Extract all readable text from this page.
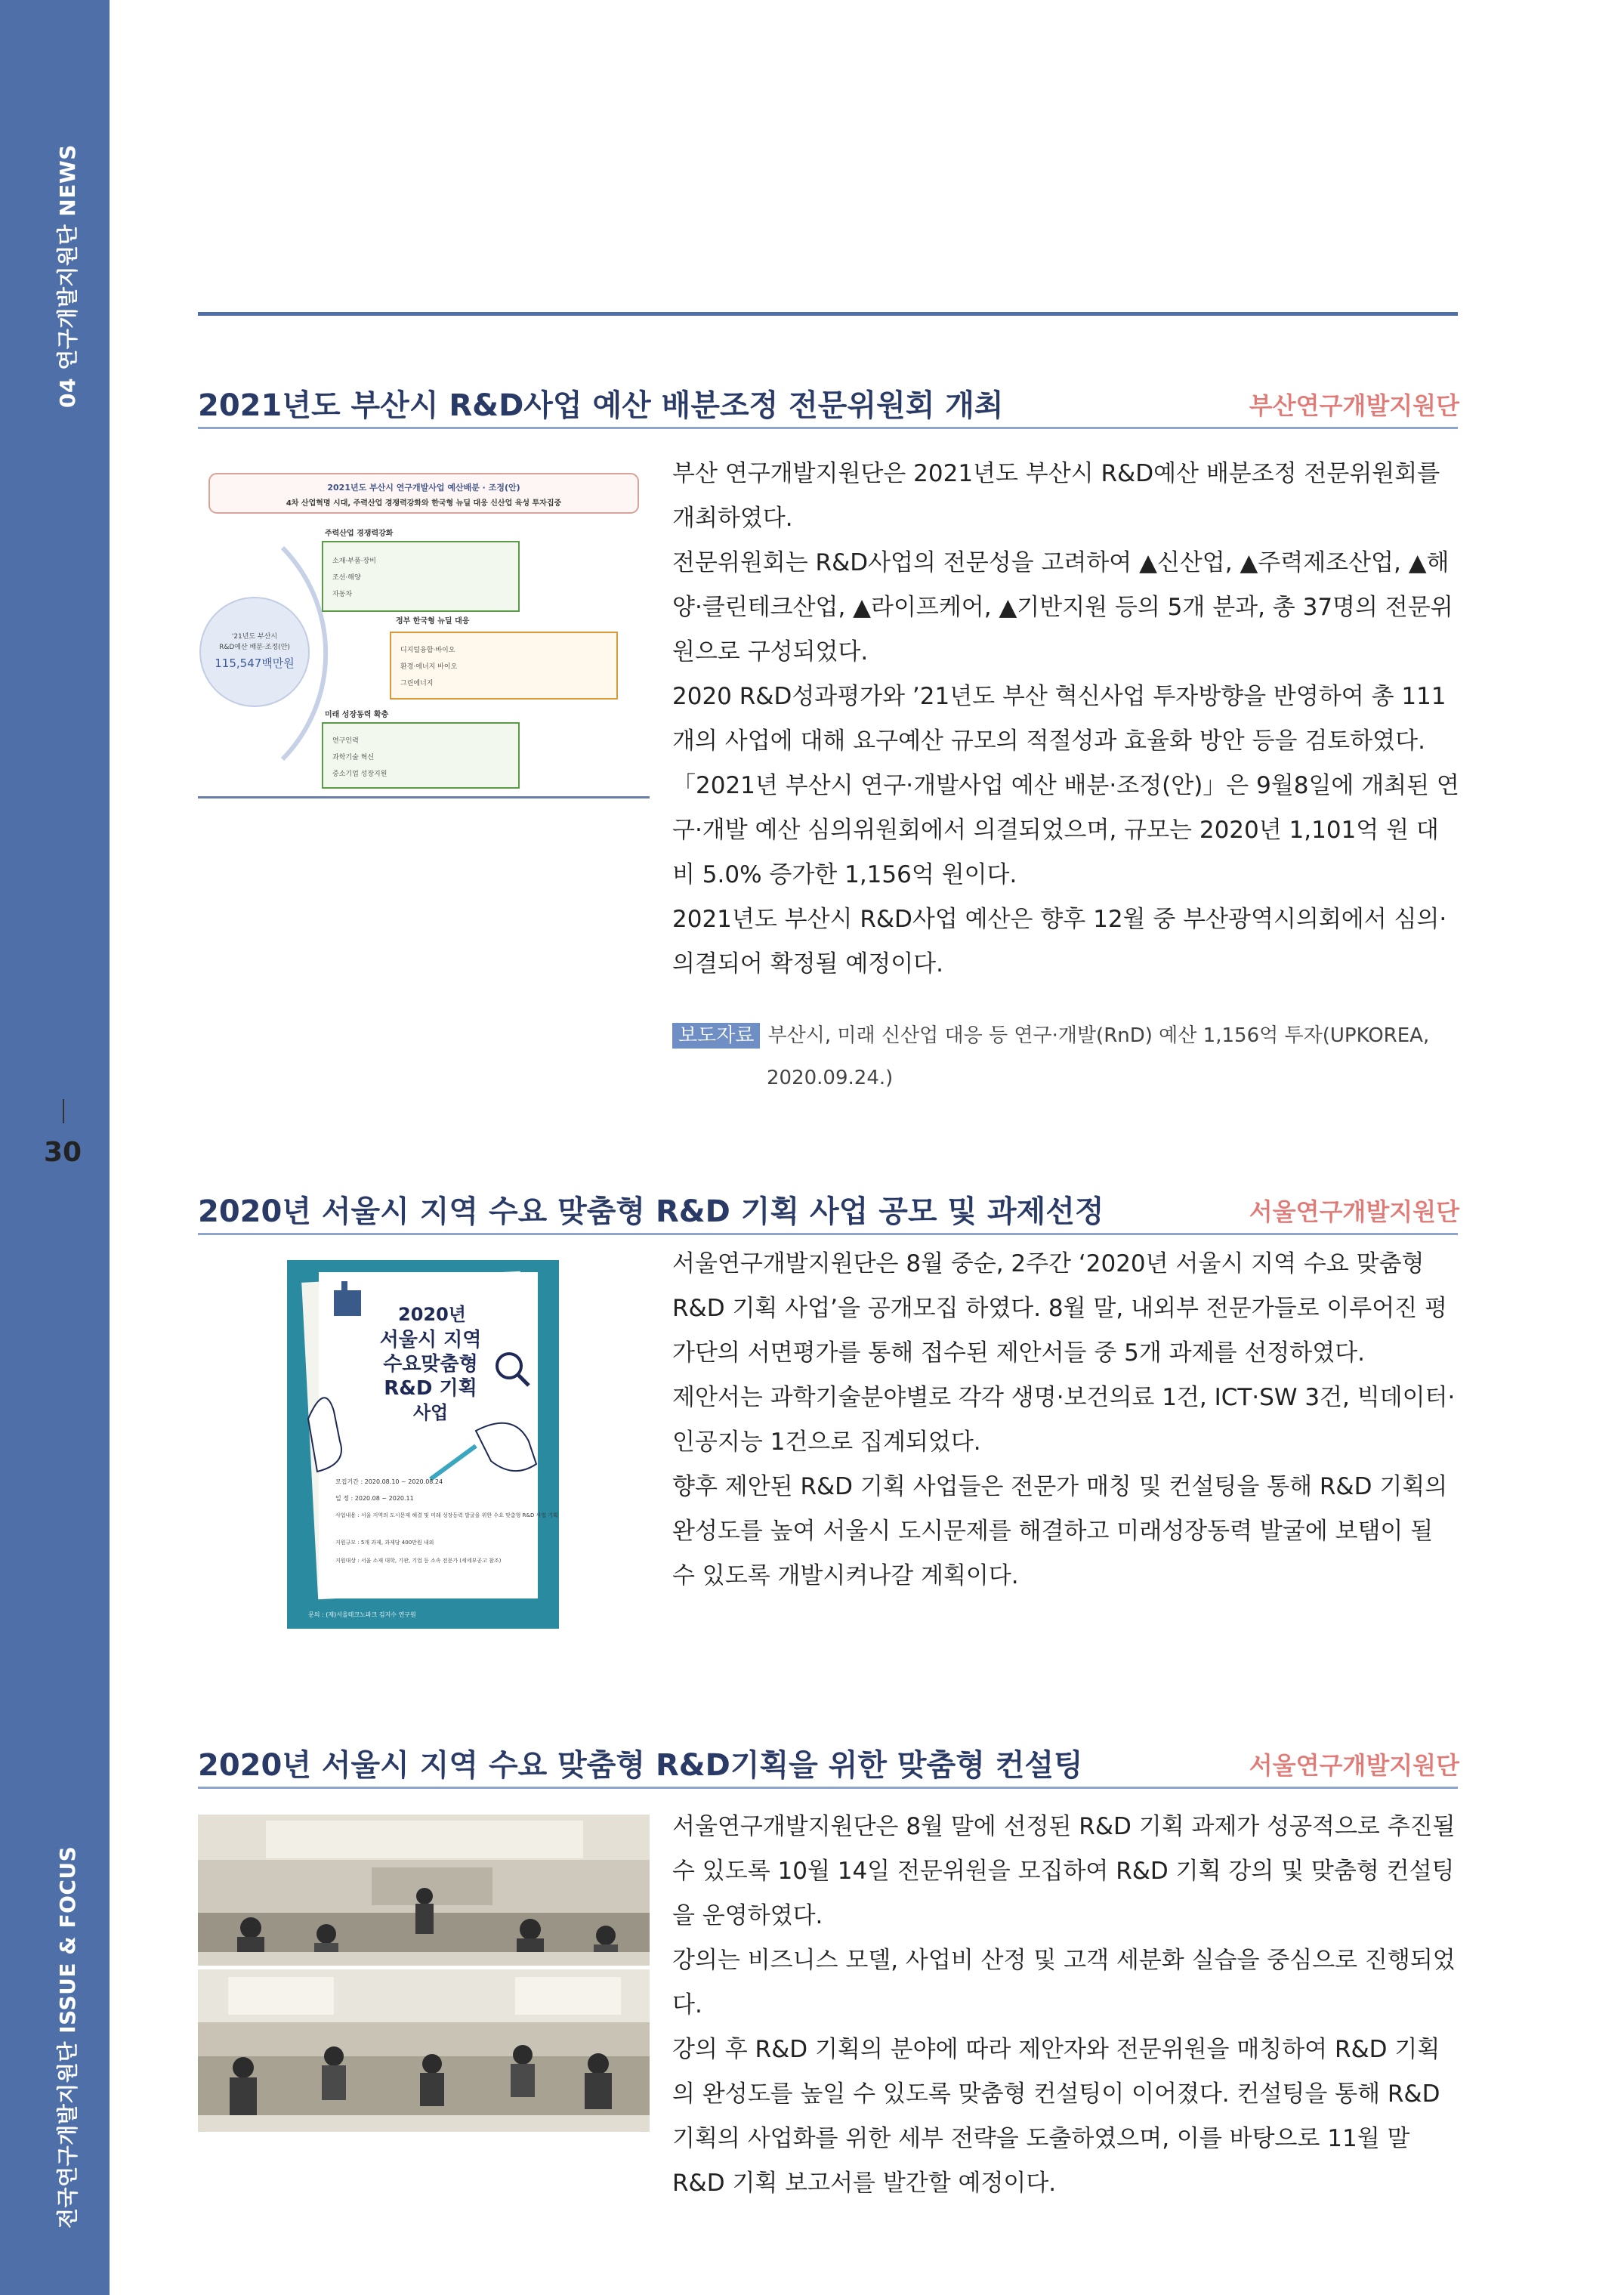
04 연구개발지원단 NEWS
전국연구개발지원단 ISSUE & FOCUS
30
2021년도 부산시 R&D사업 예산 배분조정 전문위원회 개최	부산연구개발지원단
2021년도 부산시 연구개발사업 예산배분 · 조정(안)
4차 산업혁명 시대, 주력산업 경쟁력강화와 한국형 뉴딜 대응 신산업 육성 투자집중
'21년도 부산시
R&D예산 배분·조정(안)
115,547백만원
주력산업 경쟁력강화
소재·부품·장비
조선·해양
자동차
정부 한국형 뉴딜 대응
디지털융합·바이오
환경·에너지 바이오
그린에너지
미래 성장동력 확충
연구인력
과학기술 혁신
중소기업 성장지원

부산 연구개발지원단은 2021년도 부산시 R&D예산 배분조정 전문위원회를 개최하였다.

전문위원회는 R&D사업의 전문성을 고려하여 ▲신산업, ▲주력제조산업, ▲해양·클린테크산업, ▲라이프케어, ▲기반지원 등의 5개 분과, 총 37명의 전문위원으로 구성되었다.

2020 R&D성과평가와 ’21년도 부산 혁신사업 투자방향을 반영하여 총 111개의 사업에 대해 요구예산 규모의 적절성과 효율화 방안 등을 검토하였다.

「2021년 부산시 연구·개발사업 예산 배분·조정(안)」은 9월8일에 개최된 연구·개발 예산 심의위원회에서 의결되었으며, 규모는 2020년 1,101억 원 대비 5.0% 증가한 1,156억 원이다.

2021년도 부산시 R&D사업 예산은 향후 12월 중 부산광역시의회에서 심의·의결되어 확정될 예정이다.

보도자료 부산시, 미래 신산업 대응 등 연구·개발(RnD) 예산 1,156억 투자(UPKOREA,
2020.09.24.)
2020년 서울시 지역 수요 맞춤형 R&D 기획 사업 공모 및 과제선정	서울연구개발지원단
2020년
서울시 지역
수요맞춤형
R&D 기획
사업
모집기간 : 2020.08.10 ~ 2020.08.24
일 정 : 2020.08 ~ 2020.11
사업내용 : 서울 지역의 도시문제 해결 및 미래 성장동력 발굴을 위한 수요 맞춤형 R&D 사업 기획
지원규모 : 5개 과제, 과제당 400만원 내외
지원대상 : 서울 소재 대학, 기관, 기업 등 소속 전문가 (세세부공고 참조)
문의 : (재)서울테크노파크 김지수 연구원

서울연구개발지원단은 8월 중순, 2주간 ‘2020년 서울시 지역 수요 맞춤형 R&D 기획 사업’을 공개모집 하였다. 8월 말, 내외부 전문가들로 이루어진 평가단의 서면평가를 통해 접수된 제안서들 중 5개 과제를 선정하였다.

제안서는 과학기술분야별로 각각 생명·보건의료 1건, ICT·SW 3건, 빅데이터·인공지능 1건으로 집계되었다.

향후 제안된 R&D 기획 사업들은 전문가 매칭 및 컨설팅을 통해 R&D 기획의 완성도를 높여 서울시 도시문제를 해결하고 미래성장동력 발굴에 보탬이 될 수 있도록 개발시켜나갈 계획이다.

2020년 서울시 지역 수요 맞춤형 R&D기획을 위한 맞춤형 컨설팅	서울연구개발지원단

서울연구개발지원단은 8월 말에 선정된 R&D 기획 과제가 성공적으로 추진될 수 있도록 10월 14일 전문위원을 모집하여 R&D 기획 강의 및 맞춤형 컨설팅을 운영하였다.

강의는 비즈니스 모델, 사업비 산정 및 고객 세분화 실습을 중심으로 진행되었다.

강의 후 R&D 기획의 분야에 따라 제안자와 전문위원을 매칭하여 R&D 기획의 완성도를 높일 수 있도록 맞춤형 컨설팅이 이어졌다. 컨설팅을 통해 R&D 기획의 사업화를 위한 세부 전략을 도출하였으며, 이를 바탕으로 11월 말 R&D 기획 보고서를 발간할 예정이다.
